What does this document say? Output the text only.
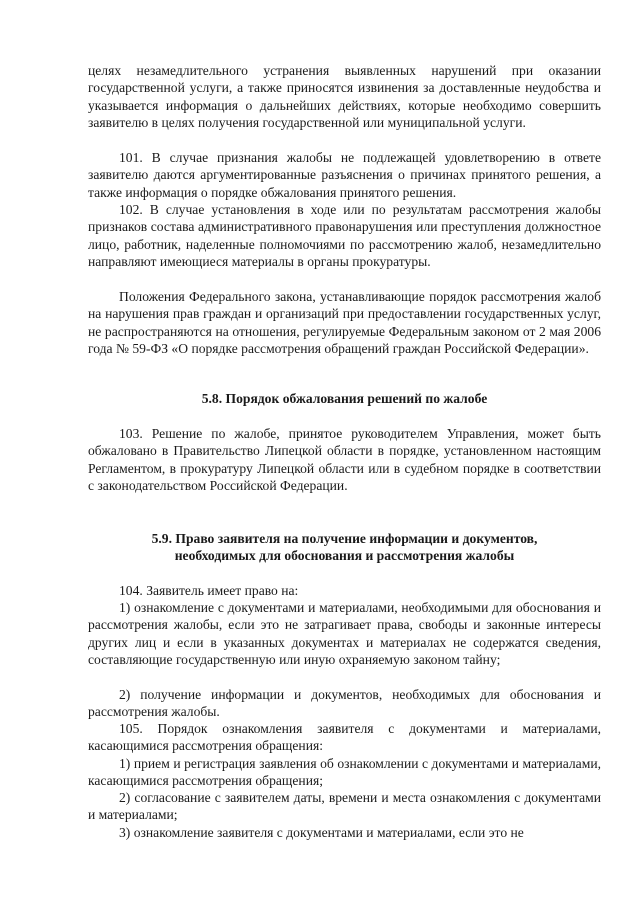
целях незамедлительного устранения выявленных нарушений при оказании государственной услуги, а также приносятся извинения за доставленные неудобства и указывается информация о дальнейших действиях, которые необходимо совершить заявителю в целях получения государственной или муниципальной услуги.

101. В случае признания жалобы не подлежащей удовлетворению в ответе заявителю даются аргументированные разъяснения о причинах принятого решения, а также информация о порядке обжалования принятого решения.

102. В случае установления в ходе или по результатам рассмотрения жалобы признаков состава административного правонарушения или преступления должностное лицо, работник, наделенные полномочиями по рассмотрению жалоб, незамедлительно направляют имеющиеся материалы в органы прокуратуры.

Положения Федерального закона, устанавливающие порядок рассмотрения жалоб на нарушения прав граждан и организаций при предоставлении государственных услуг, не распространяются на отношения, регулируемые Федеральным законом от 2 мая 2006 года № 59-ФЗ «О порядке рассмотрения обращений граждан Российской Федерации».

5.8. Порядок обжалования решений по жалобе

103. Решение по жалобе, принятое руководителем Управления, может быть обжаловано в Правительство Липецкой области в порядке, установленном настоящим Регламентом, в прокуратуру Липецкой области или в судебном порядке в соответствии с законодательством Российской Федерации.

5.9. Право заявителя на получение информации и документов,
необходимых для обоснования и рассмотрения жалобы

104. Заявитель имеет право на:

1) ознакомление с документами и материалами, необходимыми для обоснования и рассмотрения жалобы, если это не затрагивает права, свободы и законные интересы других лиц и если в указанных документах и материалах не содержатся сведения, составляющие государственную или иную охраняемую законом тайну;

2) получение информации и документов, необходимых для обоснования и рассмотрения жалобы.

105. Порядок ознакомления заявителя с документами и материалами, касающимися рассмотрения обращения:

1) прием и регистрация заявления об ознакомлении с документами и материалами, касающимися рассмотрения обращения;

2) согласование с заявителем даты, времени и места ознакомления с документами и материалами;

3) ознакомление заявителя с документами и материалами, если это не
